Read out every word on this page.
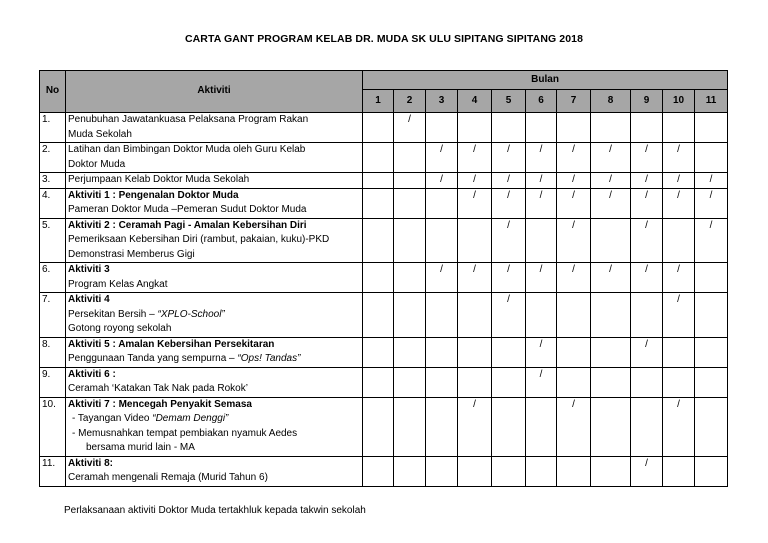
CARTA GANT PROGRAM KELAB DR. MUDA SK ULU SIPITANG SIPITANG 2018
No	Aktiviti	Bulan										
		1	2	3	4	5	6	7	8	9	10	11
1.	Penubuhan Jawatankuasa Pelaksana Program Rakan
Muda Sekolah		/									
2.	Latihan dan Bimbingan Doktor Muda oleh Guru Kelab
Doktor Muda			/	/	/	/	/	/	/	/	
3.	Perjumpaan Kelab Doktor Muda Sekolah			/	/	/	/	/	/	/	/	/
4.	Aktiviti 1 : Pengenalan Doktor Muda
Pameran Doktor Muda –Pemeran Sudut Doktor Muda				/	/	/	/	/	/	/	/
5.	Aktiviti 2 : Ceramah Pagi - Amalan Kebersihan Diri
Pemeriksaan Kebersihan Diri (rambut, pakaian, kuku)-PKD
Demonstrasi Memberus Gigi					/		/		/		/
6.	Aktiviti 3
Program Kelas Angkat			/	/	/	/	/	/	/	/	
7.	Aktiviti 4
Persekitan Bersih – “XPLO-School”
Gotong royong sekolah					/					/	
8.	Aktiviti 5 : Amalan Kebersihan Persekitaran
Penggunaan Tanda yang sempurna – “Ops! Tandas”						/			/		
9.	Aktiviti 6 :
Ceramah ‘Katakan Tak Nak pada Rokok’						/					
10.	Aktiviti 7 : Mencegah Penyakit Semasa
- Tayangan Video “Demam Denggi”
- Memusnahkan tempat pembiakan nyamuk Aedes
bersama murid lain - MA				/			/			/	
11.	Aktiviti 8:
Ceramah mengenali Remaja (Murid Tahun 6)									/		
Perlaksanaan aktiviti Doktor Muda tertakhluk kepada takwin sekolah
